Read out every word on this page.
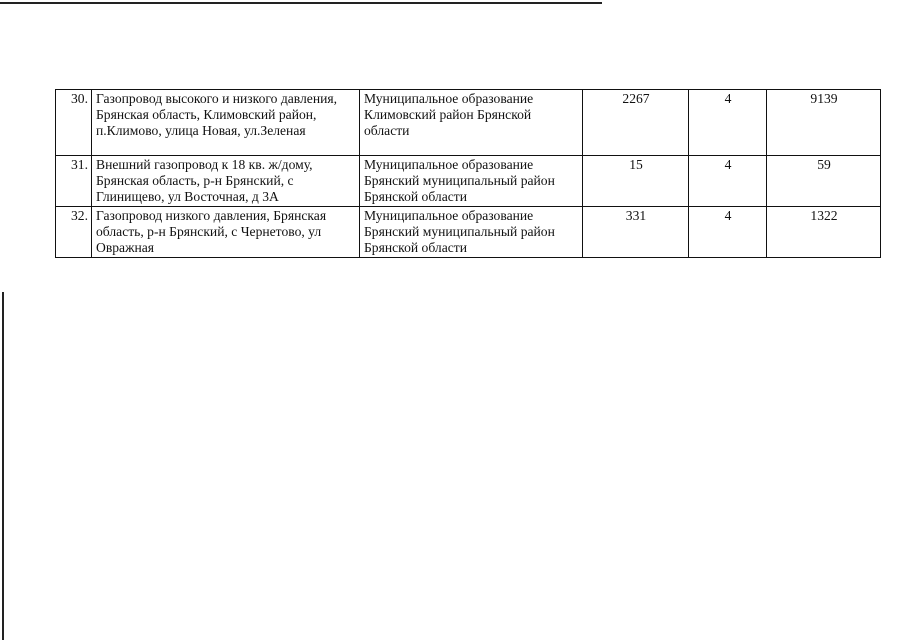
30.	Газопровод высокого и низкого давления, Брянская область, Климовский район, п.Климово, улица Новая, ул.Зеленая	Муниципальное образование Климовский район Брянской области	2267	4	9139
31.	Внешний газопровод к 18 кв. ж/дому, Брянская область, р-н Брянский, с Глинищево, ул Восточная, д 3А	Муниципальное образование Брянский муниципальный район Брянской области	15	4	59
32.	Газопровод низкого давления, Брянская область, р-н Брянский, с Чернетово, ул Овражная	Муниципальное образование Брянский муниципальный район Брянской области	331	4	1322
